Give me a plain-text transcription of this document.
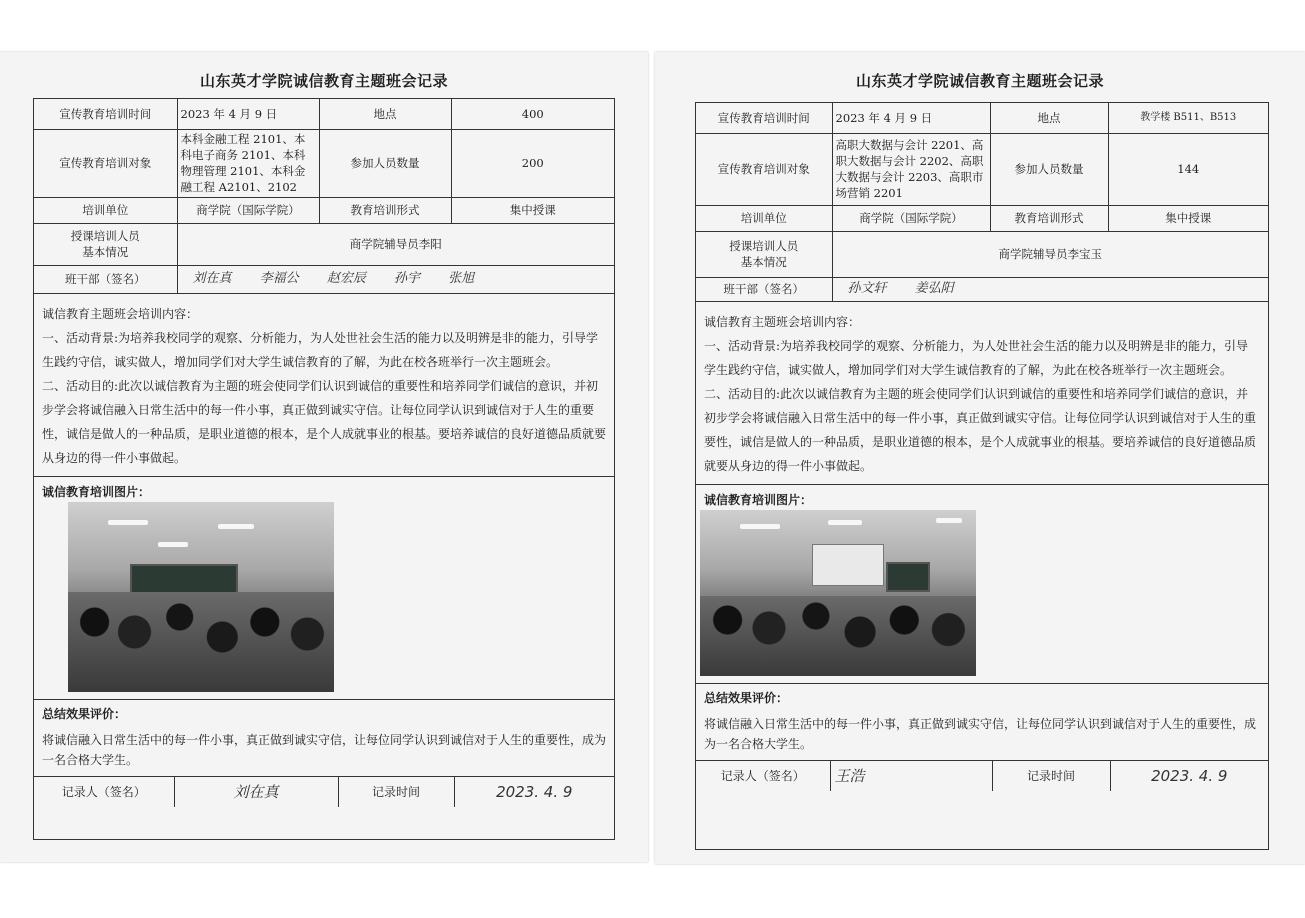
山东英才学院诚信教育主题班会记录
宣传教育培训时间	2023 年 4 月 9 日	地点	400
宣传教育培训对象	本科金融工程 2101、本科电子商务 2101、本科物理管理 2101、本科金融工程 A2101、2102	参加人员数量	200
培训单位	商学院（国际学院）	教育培训形式	集中授课
授课培训人员
基本情况	商学院辅导员李阳		
班干部（签名）	刘在真 李福公 赵宏辰 孙宇 张旭		

诚信教育主题班会培训内容：

一、活动背景:为培养我校同学的观察、分析能力，为人处世社会生活的能力以及明辨是非的能力，引导学生践约守信，诚实做人，增加同学们对大学生诚信教育的了解，为此在校各班举行一次主题班会。

二、活动目的:此次以诚信教育为主题的班会使同学们认识到诚信的重要性和培养同学们诚信的意识，并初步学会将诚信融入日常生活中的每一件小事，真正做到诚实守信。让每位同学认识到诚信对于人生的重要性，诚信是做人的一种品质，是职业道德的根本，是个人成就事业的根基。要培养诚信的良好道德品质就要从身边的得一件小事做起。

诚信教育培训图片：
总结效果评价：
将诚信融入日常生活中的每一件小事，真正做到诚实守信，让每位同学认识到诚信对于人生的重要性，成为一名合格大学生。
记录人（签名）	刘在真	记录时间	2023. 4. 9
山东英才学院诚信教育主题班会记录
宣传教育培训时间	2023 年 4 月 9 日	地点	教学楼 B511、B513
宣传教育培训对象	高职大数据与会计 2201、高职大数据与会计 2202、高职大数据与会计 2203、高职市场营销 2201	参加人员数量	144
培训单位	商学院（国际学院）	教育培训形式	集中授课
授课培训人员
基本情况	商学院辅导员李宝玉		
班干部（签名）	孙文轩 姜弘阳		

诚信教育主题班会培训内容：

一、活动背景:为培养我校同学的观察、分析能力，为人处世社会生活的能力以及明辨是非的能力，引导学生践约守信，诚实做人，增加同学们对大学生诚信教育的了解，为此在校各班举行一次主题班会。

二、活动目的:此次以诚信教育为主题的班会使同学们认识到诚信的重要性和培养同学们诚信的意识，并初步学会将诚信融入日常生活中的每一件小事，真正做到诚实守信。让每位同学认识到诚信对于人生的重要性，诚信是做人的一种品质，是职业道德的根本，是个人成就事业的根基。要培养诚信的良好道德品质就要从身边的得一件小事做起。

诚信教育培训图片：
总结效果评价：
将诚信融入日常生活中的每一件小事，真正做到诚实守信，让每位同学认识到诚信对于人生的重要性，成为一名合格大学生。
记录人（签名）	王浩	记录时间	2023. 4. 9
